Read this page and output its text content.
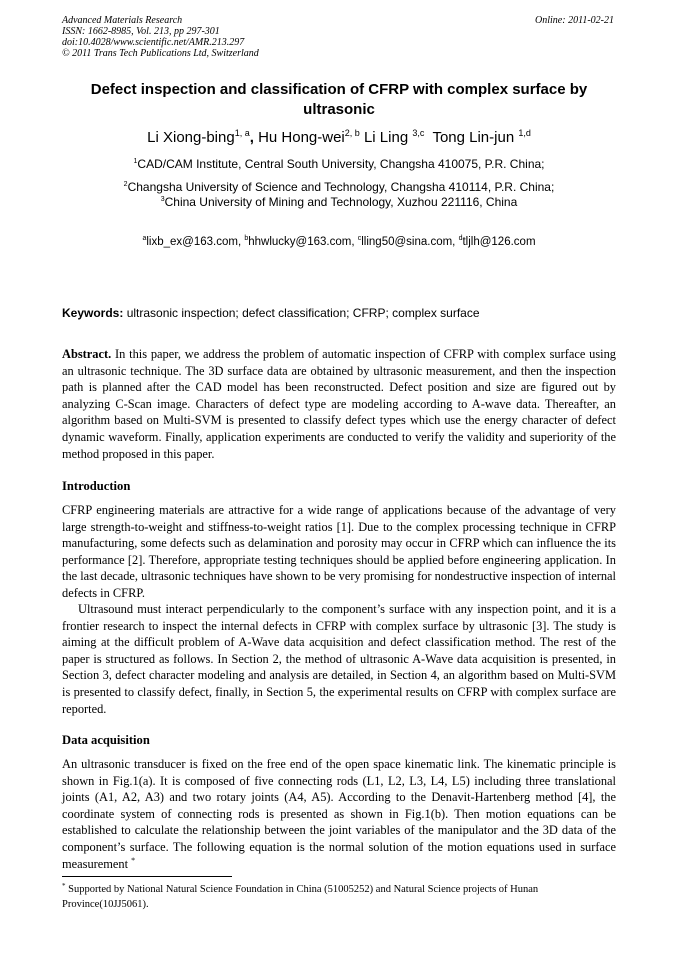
Advanced Materials Research
ISSN: 1662-8985, Vol. 213, pp 297-301
doi:10.4028/www.scientific.net/AMR.213.297
© 2011 Trans Tech Publications Ltd, Switzerland
Online: 2011-02-21
Defect inspection and classification of CFRP with complex surface by ultrasonic
Li Xiong-bing$^{1, a}$, Hu Hong-wei$^{2, b}$ Li Ling $^{3,c}$ Tong Lin-jun $^{1,d}$
$^1$CAD/CAM Institute, Central South University, Changsha 410075, P.R. China;
$^2$Changsha University of Science and Technology, Changsha 410114, P.R. China;
$^3$China University of Mining and Technology, Xuzhou 221116, China
$^a$lixb_ex@163.com, $^b$hhwlucky@163.com, $^c$lling50@sina.com, $^d$tljlh@126.com
Keywords: ultrasonic inspection; defect classification; CFRP; complex surface
Abstract. In this paper, we address the problem of automatic inspection of CFRP with complex surface using an ultrasonic technique. The 3D surface data are obtained by ultrasonic measurement, and then the inspection path is planned after the CAD model has been reconstructed. Defect position and size are figured out by analyzing C-Scan image. Characters of defect type are modeling according to A-wave data. Thereafter, an algorithm based on Multi-SVM is presented to classify defect types which use the energy character of defect dynamic waveform. Finally, application experiments are conducted to verify the validity and superiority of the method proposed in this paper.
Introduction
CFRP engineering materials are attractive for a wide range of applications because of the advantage of very large strength-to-weight and stiffness-to-weight ratios [1]. Due to the complex processing technique in CFRP manufacturing, some defects such as delamination and porosity may occur in CFRP which can influence the its performance [2]. Therefore, appropriate testing techniques should be applied before engineering application. In the last decade, ultrasonic techniques have shown to be very promising for nondestructive inspection of internal defects in CFRP.
Ultrasound must interact perpendicularly to the component’s surface with any inspection point, and it is a frontier research to inspect the internal defects in CFRP with complex surface by ultrasonic [3]. The study is aiming at the difficult problem of A-Wave data acquisition and defect classification method. The rest of the paper is structured as follows. In Section 2, the method of ultrasonic A-Wave data acquisition is presented, in Section 3, defect character modeling and analysis are detailed, in Section 4, an algorithm based on Multi-SVM is presented to classify defect, finally, in Section 5, the experimental results on CFRP with complex surface are reported.
Data acquisition
An ultrasonic transducer is fixed on the free end of the open space kinematic link. The kinematic principle is shown in Fig.1(a). It is composed of five connecting rods (L1, L2, L3, L4, L5) including three translational joints (A1, A2, A3) and two rotary joints (A4, A5). According to the Denavit-Hartenberg method [4], the coordinate system of connecting rods is presented as shown in Fig.1(b). Then motion equations can be established to calculate the relationship between the joint variables of the manipulator and the 3D data of the component’s surface. The following equation is the normal solution of the motion equations used in surface measurement *
* Supported by National Natural Science Foundation in China (51005252) and Natural Science projects of Hunan Province(10JJ5061).
